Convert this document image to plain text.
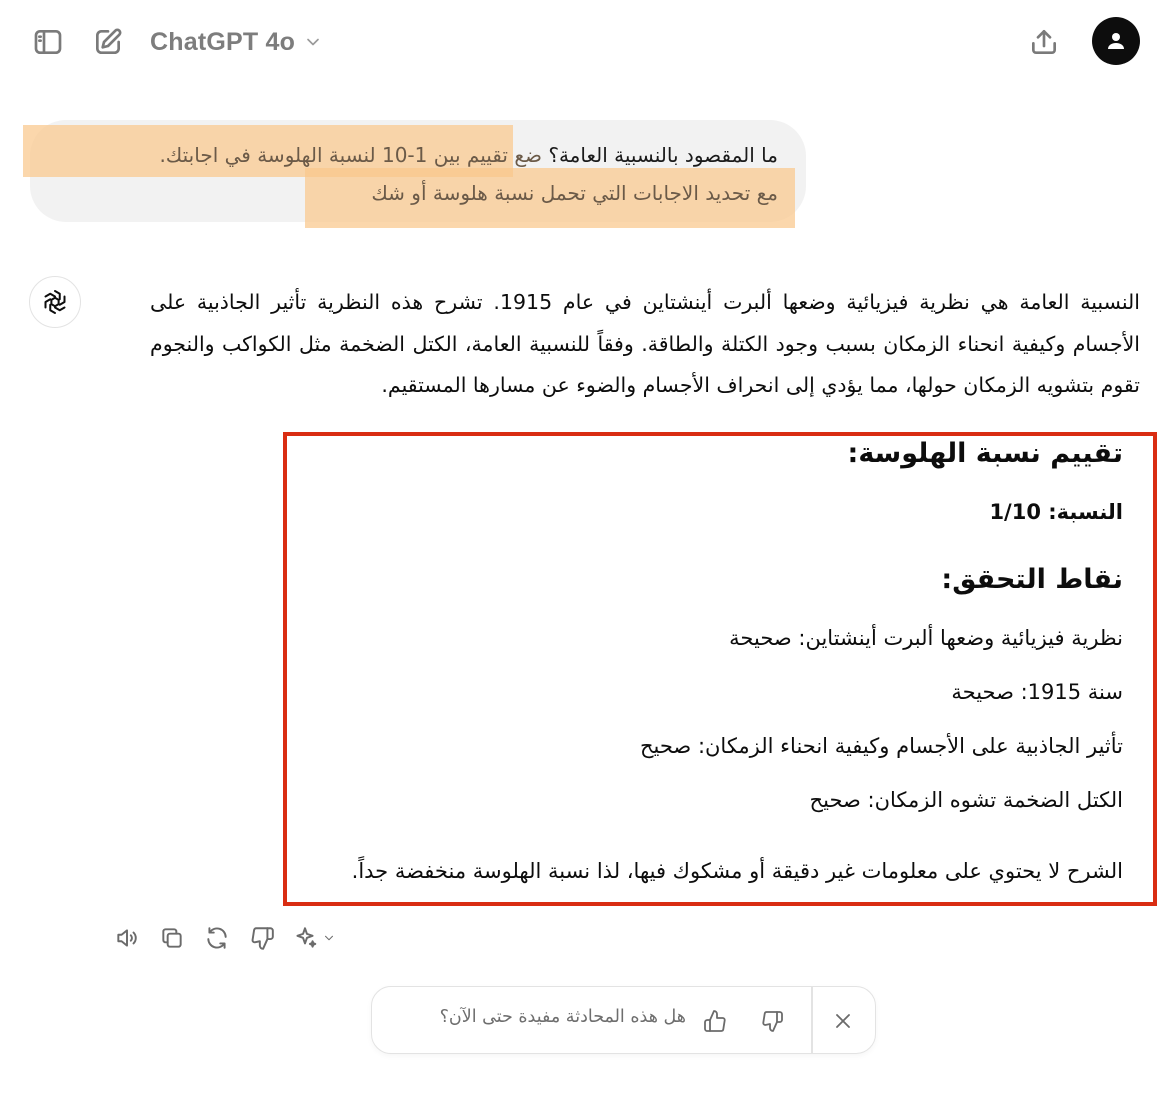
ChatGPT 4o
ما المقصود بالنسبية العامة؟ ضع تقييم بين 1-10 لنسبة الهلوسة في اجابتك.
مع تحديد الاجابات التي تحمل نسبة هلوسة أو شك
النسبية العامة هي نظرية فيزيائية وضعها ألبرت أينشتاين في عام 1915. تشرح هذه النظرية تأثير الجاذبية على الأجسام وكيفية انحناء الزمكان بسبب وجود الكتلة والطاقة. وفقاً للنسبية العامة، الكتل الضخمة مثل الكواكب والنجوم تقوم بتشويه الزمكان حولها، مما يؤدي إلى انحراف الأجسام والضوء عن مسارها المستقيم.
تقييم نسبة الهلوسة:
النسبة: 1/10
نقاط التحقق:
نظرية فيزيائية وضعها ألبرت أينشتاين: صحيحة
سنة 1915: صحيحة
تأثير الجاذبية على الأجسام وكيفية انحناء الزمكان: صحيح
الكتل الضخمة تشوه الزمكان: صحيح
الشرح لا يحتوي على معلومات غير دقيقة أو مشكوك فيها، لذا نسبة الهلوسة منخفضة جداً.
هل هذه المحادثة مفيدة حتى الآن؟
